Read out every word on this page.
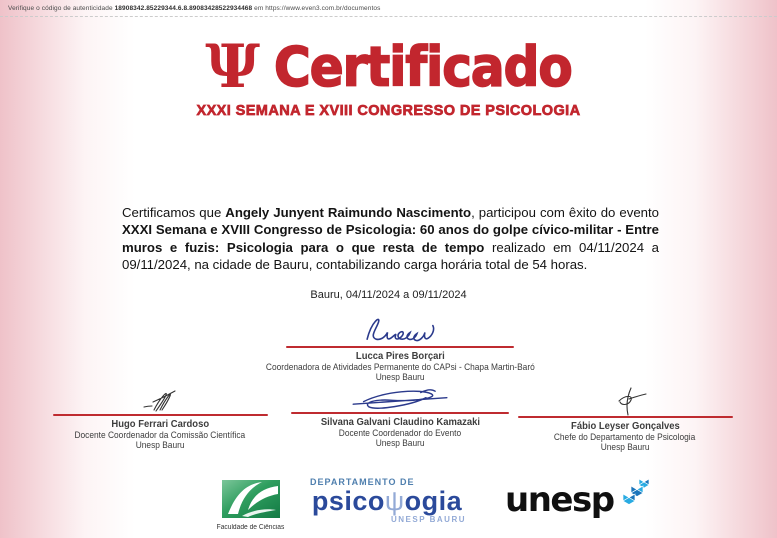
Verifique o código de autenticidade 18908342.85229344.6.8.89083428522934468 em https://www.even3.com.br/documentos
Ψ Certificado
XXXI SEMANA E XVIII CONGRESSO DE PSICOLOGIA

Certificamos que Angely Junyent Raimundo Nascimento, participou com êxito do evento XXXI Semana e XVIII Congresso de Psicologia: 60 anos do golpe cívico-militar - Entre muros e fuzis: Psicologia para o que resta de tempo realizado em 04/11/2024 a 09/11/2024, na cidade de Bauru, contabilizando carga horária total de 54 horas.

Bauru, 04/11/2024 a 09/11/2024
Lucca Pires Borçari
Coordenadora de Atividades Permanente do CAPsi - Chapa Martin-Baró
Unesp Bauru
Hugo Ferrari Cardoso
Docente Coordenador da Comissão Científica
Unesp Bauru
Silvana Galvani Claudino Kamazaki
Docente Coordenador do Evento
Unesp Bauru
Fábio Leyser Gonçalves
Chefe do Departamento de Psicologia
Unesp Bauru
Faculdade de Ciências
DEPARTAMENTO DE
psicoψogia
UNESP BAURU unesp
